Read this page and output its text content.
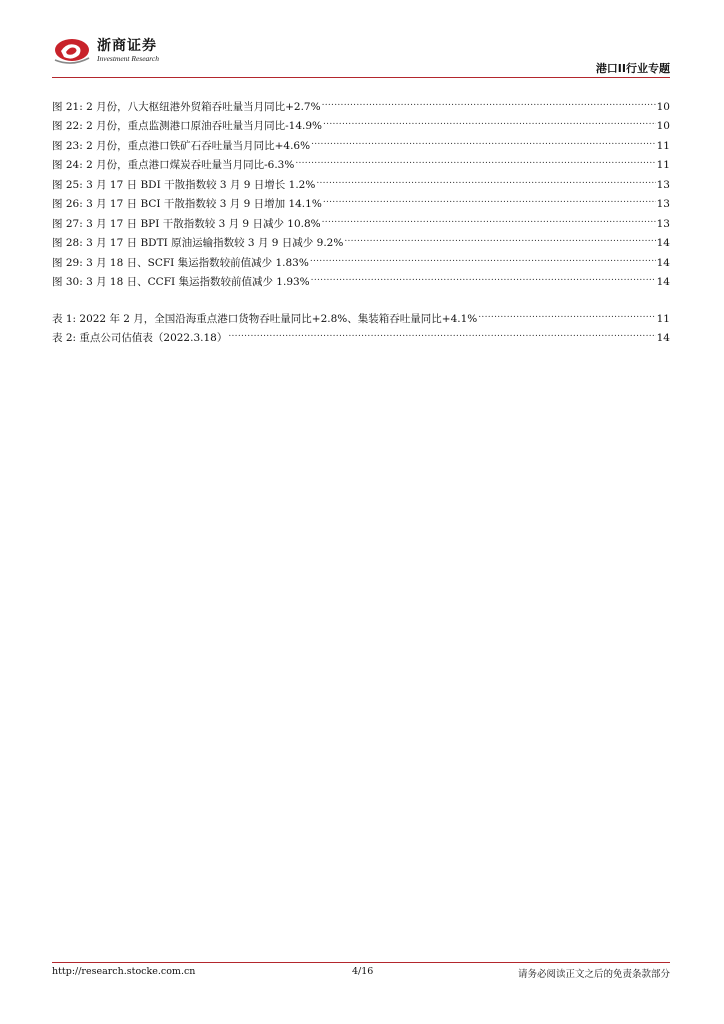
浙商证券
Investment Research
港口II行业专题
图 21: 2 月份，八大枢纽港外贸箱吞吐量当月同比+2.7% .....	10
图 22: 2 月份，重点监测港口原油吞吐量当月同比-14.9% .....	10
图 23: 2 月份，重点港口铁矿石吞吐量当月同比+4.6% .....	11
图 24: 2 月份，重点港口煤炭吞吐量当月同比-6.3% .....	11
图 25: 3 月 17 日 BDI 干散指数较 3 月 9 日增长 1.2% .....	13
图 26: 3 月 17 日 BCI 干散指数较 3 月 9 日增加 14.1% .....	13
图 27: 3 月 17 日 BPI 干散指数较 3 月 9 日减少 10.8% .....	13
图 28: 3 月 17 日 BDTI 原油运输指数较 3 月 9 日减少 9.2% .....	14
图 29: 3 月 18 日、SCFI 集运指数较前值减少 1.83% .....	14
图 30: 3 月 18 日、CCFI 集运指数较前值减少 1.93% .....	14
表 1: 2022 年 2 月，全国沿海重点港口货物吞吐量同比+2.8%、集装箱吞吐量同比+4.1% .....	11
表 2: 重点公司估值表（2022.3.18） .....	14
http://research.stocke.com.cn	4/16	请务必阅读正文之后的免责条款部分
